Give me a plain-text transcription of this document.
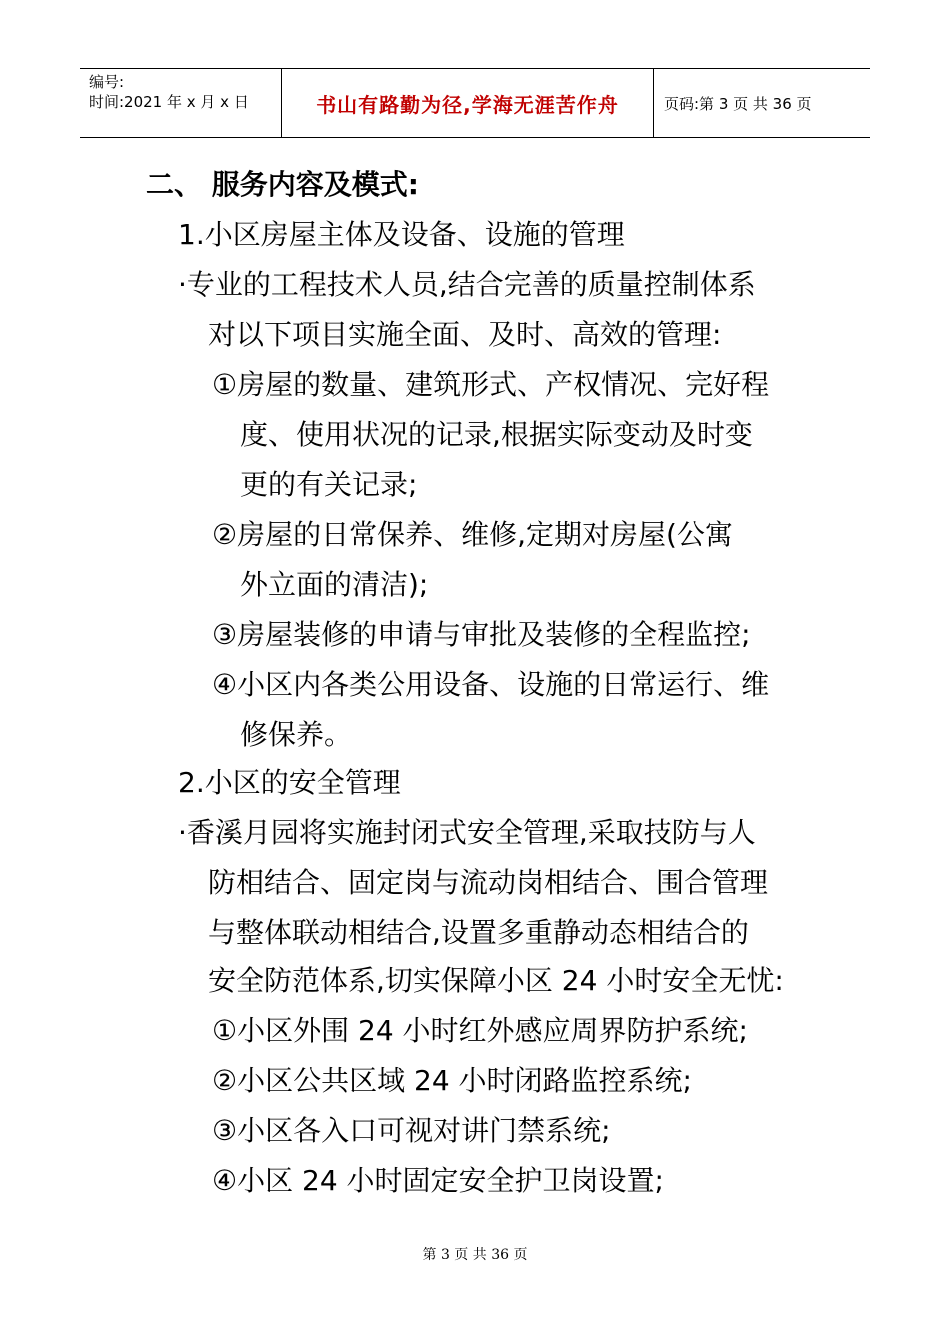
编号:
时间:2021 年 x 月 x 日	书山有路勤为径,学海无涯苦作舟	页码:第 3 页 共 36 页
二、 服务内容及模式:
1.小区房屋主体及设备、设施的管理
·专业的工程技术人员,结合完善的质量控制体系
对以下项目实施全面、及时、高效的管理:
①房屋的数量、建筑形式、产权情况、完好程
度、使用状况的记录,根据实际变动及时变
更的有关记录;
②房屋的日常保养、维修,定期对房屋(公寓
外立面的清洁);
③房屋装修的申请与审批及装修的全程监控;
④小区内各类公用设备、设施的日常运行、维
修保养。
2.小区的安全管理
·香溪月园将实施封闭式安全管理,采取技防与人
防相结合、固定岗与流动岗相结合、围合管理
与整体联动相结合,设置多重静动态相结合的
安全防范体系,切实保障小区 24 小时安全无忧:
①小区外围 24 小时红外感应周界防护系统;
②小区公共区域 24 小时闭路监控系统;
③小区各入口可视对讲门禁系统;
④小区 24 小时固定安全护卫岗设置;
第 3 页 共 36 页
